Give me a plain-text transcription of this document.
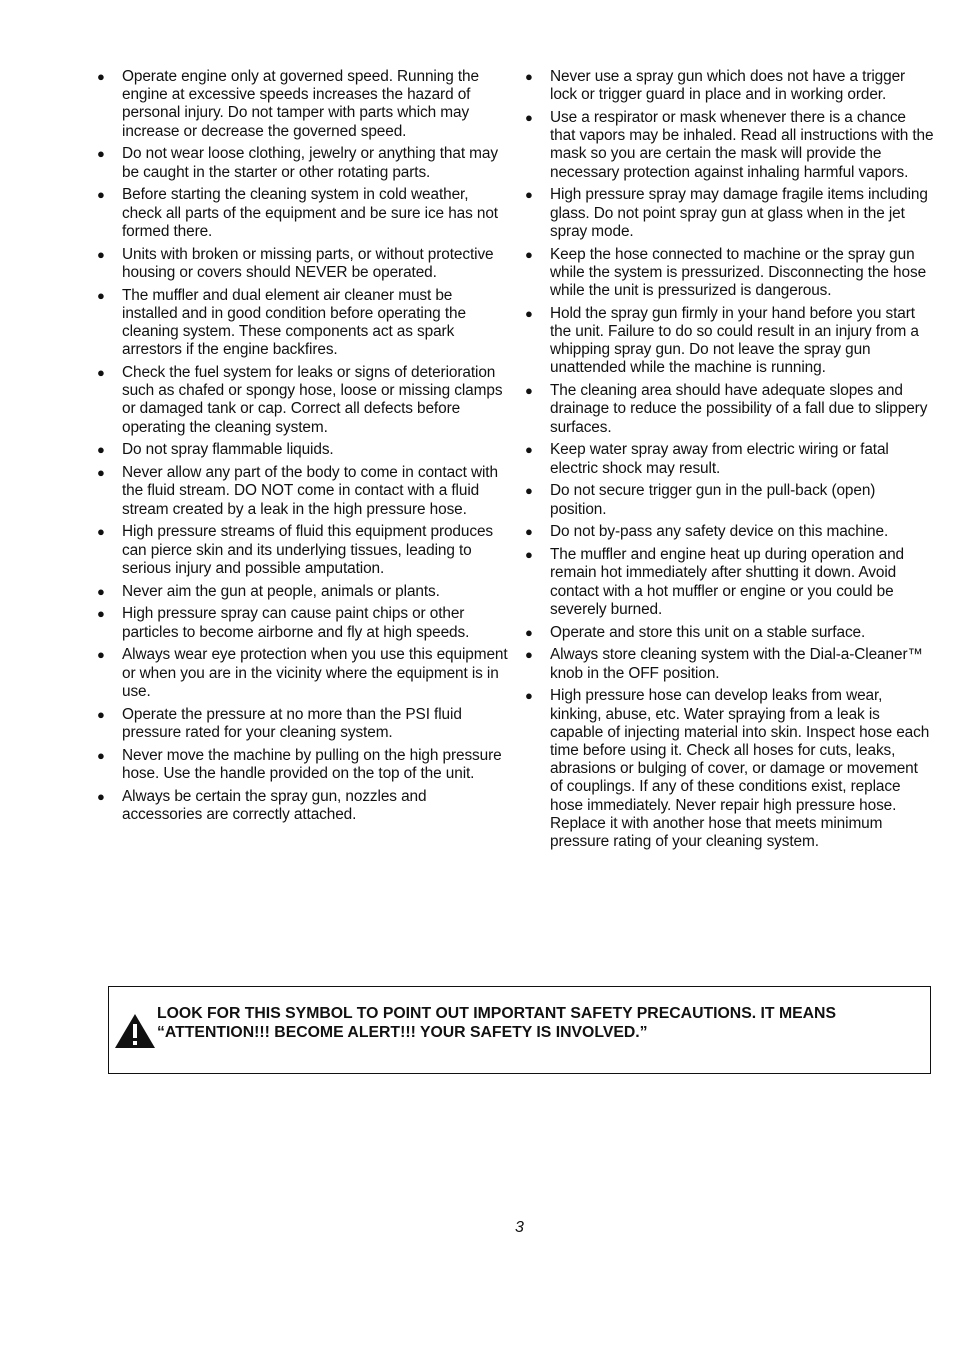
● Operate engine only at governed speed. Running the engine at excessive speeds increases the hazard of personal injury. Do not tamper with parts which may increase or decrease the governed speed.
● Do not wear loose clothing, jewelry or anything that may be caught in the starter or other rotating parts.
● Before starting the cleaning system in cold weather, check all parts of the equipment and be sure ice has not formed there.
● Units with broken or missing parts, or without protective housing or covers should NEVER be operated.
● The muffler and dual element air cleaner must be installed and in good condition before operating the cleaning system. These components act as spark arrestors if the engine backfires.
● Check the fuel system for leaks or signs of deterioration such as chafed or spongy hose, loose or missing clamps or damaged tank or cap. Correct all defects before operating the cleaning system.
● Do not spray flammable liquids.
● Never allow any part of the body to come in contact with the fluid stream. DO NOT come in contact with a fluid stream created by a leak in the high pressure hose.
● High pressure streams of fluid this equipment produces can pierce skin and its underlying tissues, leading to serious injury and possible amputation.
● Never aim the gun at people, animals or plants.
● High pressure spray can cause paint chips or other particles to become airborne and fly at high speeds.
● Always wear eye protection when you use this equipment or when you are in the vicinity where the equipment is in use.
● Operate the pressure at no more than the PSI fluid pressure rated for your cleaning system.
● Never move the machine by pulling on the high pressure hose. Use the handle provided on the top of the unit.
● Always be certain the spray gun, nozzles and accessories are correctly attached.
● Never use a spray gun which does not have a trigger lock or trigger guard in place and in working order.
● Use a respirator or mask whenever there is a chance that vapors may be inhaled. Read all instructions with the mask so you are certain the mask will provide the necessary protection against inhaling harmful vapors.
● High pressure spray may damage fragile items including glass. Do not point spray gun at glass when in the jet spray mode.
● Keep the hose connected to machine or the spray gun while the system is pressurized. Disconnecting the hose while the unit is pressurized is dangerous.
● Hold the spray gun firmly in your hand before you start the unit. Failure to do so could result in an injury from a whipping spray gun. Do not leave the spray gun unattended while the machine is running.
● The cleaning area should have adequate slopes and drainage to reduce the possibility of a fall due to slippery surfaces.
● Keep water spray away from electric wiring or fatal electric shock may result.
● Do not secure trigger gun in the pull-back (open) position.
● Do not by-pass any safety device on this machine.
● The muffler and engine heat up during operation and remain hot immediately after shutting it down. Avoid contact with a hot muffler or engine or you could be severely burned.
● Operate and store this unit on a stable surface.
● Always store cleaning system with the Dial-a-Cleaner™ knob in the OFF position.
● High pressure hose can develop leaks from wear, kinking, abuse, etc. Water spraying from a leak is capable of injecting material into skin. Inspect hose each time before using it. Check all hoses for cuts, leaks, abrasions or bulging of cover, or damage or movement of couplings. If any of these conditions exist, replace hose immediately. Never repair high pressure hose. Replace it with another hose that meets minimum pressure rating of your cleaning system.
LOOK FOR THIS SYMBOL TO POINT OUT IMPORTANT SAFETY PRECAUTIONS. IT MEANS “ATTENTION!!! BECOME ALERT!!! YOUR SAFETY IS INVOLVED.”
3
